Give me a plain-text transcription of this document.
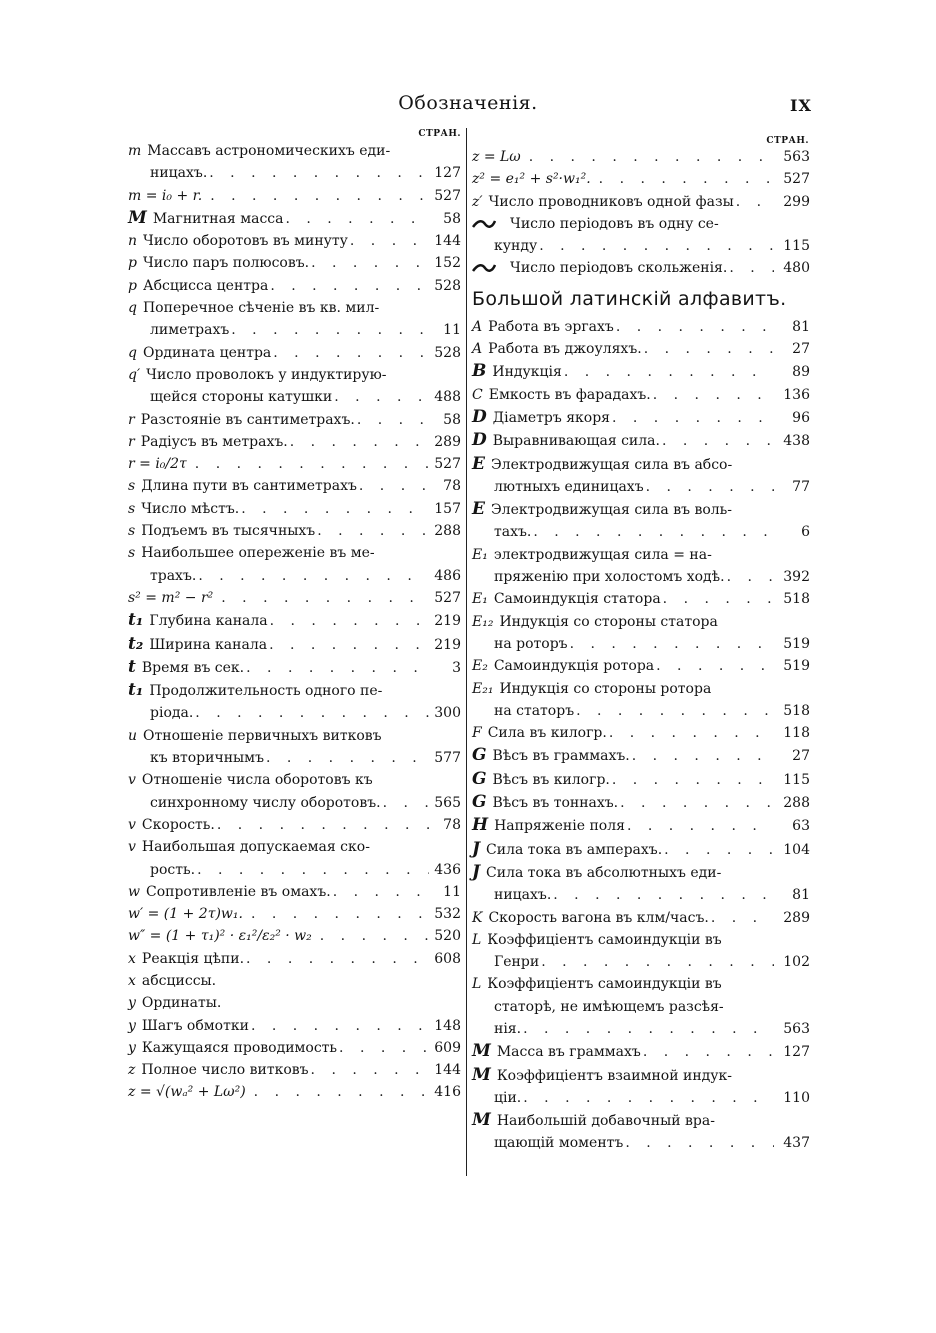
Обозначенія.	IX
СТРАН.
m Массавъ астрономическихъ еди-
ницахъ. . . .	127
m = i₀ + r. . . .	527
M Магнитная масса . . .	58
n Число оборотовъ въ минуту . . .	144
p Число паръ полюсовъ. . . .	152
p Абсцисса центра . . .	528
q Поперечное сѣченіе въ кв. мил-
лиметрахъ . . .	11
q Ордината центра . . .	528
q′ Число проволокъ у индуктирую-
щейся стороны катушки . . .	488
r Разстояніе въ сантиметрахъ. . . .	58
r Радіусъ въ метрахъ. . . .	289
r = i₀/2τ . . .	527
s Длина пути въ сантиметрахъ . . .	78
s Число мѣстъ. . . .	157
s Подъемъ въ тысячныхъ . . .	288
s Наибольшее опереженіе въ ме-
трахъ. . . .	486
s² = m² − r² . . .	527
t₁ Глубина канала . . .	219
t₂ Ширина канала . . .	219
t Время въ сек. . . .	3
t₁ Продолжительность одного пе-
ріода. . . .	300
u Отношеніе первичныхъ витковъ
къ вторичнымъ . . .	577
v Отношеніе числа оборотовъ къ
синхронному числу оборотовъ. . . .	565
v Скорость. . . .	78
v Наибольшая допускаемая ско-
рость. . . .	436
w Сопротивленіе въ омахъ. . . .	11
w′ = (1 + 2τ)w₁. . . .	532
w″ = (1 + τ₁)² · ε₁²/ε₂² · w₂ . . .	520
x Реакція цѣпи. . . .	608
x абсциссы.
y Ординаты.
y Шагъ обмотки . . .	148
y Кажущаяся проводимость . . .	609
z Полное число витковъ . . .	144
z = √(wₐ² + Lω²) . . .	416
СТРАН.
z = Lω . . .	563
z² = e₁² + s²·w₁². . . .	527
z′ Число проводниковъ одной фазы . . .	299
Число періодовъ въ одну се-
кунду . . .	115
Число періодовъ скольженія. . . .	480
Большой латинскій алфавитъ.
A Работа въ эргахъ . . .	81
A Работа въ джоуляхъ. . . .	27
B Индукція . . .	89
C Емкость въ фарадахъ. . . .	136
D Діаметръ якоря . . .	96
D Выравнивающая сила. . . .	438
E Электродвижущая сила въ абсо-
лютныхъ единицахъ . . .	77
E Электродвижущая сила въ воль-
тахъ. . . .	6
E₁ электродвижущая сила = на-
пряженію при холостомъ ходѣ. . . .	392
E₁ Самоиндукція статора . . .	518
E₁₂ Индукція со стороны статора
на роторъ . . .	519
E₂ Самоиндукція ротора . . .	519
E₂₁ Индукція со стороны ротора
на статоръ . . .	518
F Сила въ килогр. . . .	118
G Вѣсъ въ граммахъ. . . .	27
G Вѣсъ въ килогр. . . .	115
G Вѣсъ въ тоннахъ. . . .	288
H Напряженіе поля . . .	63
J Сила тока въ амперахъ. . . .	104
J Сила тока въ абсолютныхъ еди-
ницахъ. . . .	81
K Скорость вагона въ клм/часъ. . . .	289
L Коэффиціентъ самоиндукціи въ
Генри . . .	102
L Коэффиціентъ самоиндукціи въ
статорѣ, не имѣющемъ разсѣя-
нія. . . .	563
M Масса въ граммахъ . . .	127
M Коэффиціентъ взаимной индук-
ціи. . . .	110
M Наибольшій добавочный вра-
щающій моментъ . . .	437
